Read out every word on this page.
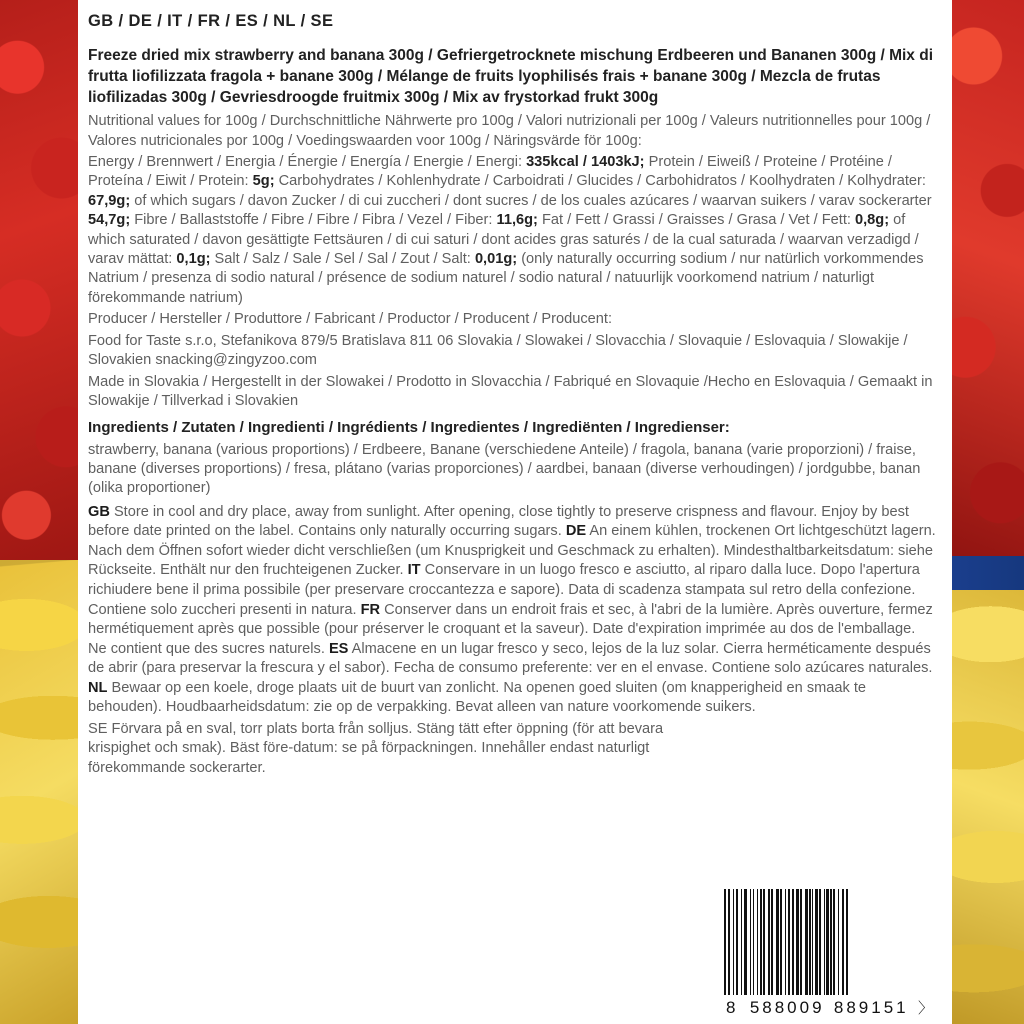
GB / DE / IT / FR / ES / NL / SE
Freeze dried mix strawberry and banana 300g / Gefriergetrocknete mischung Erdbeeren und Bananen 300g / Mix di frutta liofilizzata fragola + banane 300g / Mélange de fruits lyophilisés frais + banane 300g / Mezcla de frutas liofilizadas 300g / Gevriesdroogde fruitmix 300g / Mix av frystorkad frukt 300g
Nutritional values for 100g / Durchschnittliche Nährwerte pro 100g / Valori nutrizionali per 100g / Valeurs nutritionnelles pour 100g / Valores nutricionales por 100g / Voedingswaarden voor 100g / Näringsvärde för 100g:
Energy / Brennwert / Energia / Énergie / Energía / Energie / Energi: 335kcal / 1403kJ; Protein / Eiweiß / Proteine / Protéine / Proteína / Eiwit / Protein: 5g; Carbohydrates / Kohlenhydrate / Carboidrati / Glucides / Carbohidratos / Koolhydraten / Kolhydrater: 67,9g; of which sugars / davon Zucker / di cui zuccheri / dont sucres / de los cuales azúcares / waarvan suikers / varav sockerarter 54,7g; Fibre / Ballaststoffe / Fibre / Fibre / Fibra / Vezel / Fiber: 11,6g; Fat / Fett / Grassi / Graisses / Grasa / Vet / Fett: 0,8g; of which saturated / davon gesättigte Fettsäuren / di cui saturi / dont acides gras saturés / de la cual saturada / waarvan verzadigd / varav mättat: 0,1g; Salt / Salz / Sale / Sel / Sal / Zout / Salt: 0,01g; (only naturally occurring sodium / nur natürlich vorkommendes Natrium / presenza di sodio natural / présence de sodium naturel / sodio natural / natuurlijk voorkomend natrium / naturligt förekommande natrium)
Producer / Hersteller / Produttore / Fabricant / Productor / Producent / Producent:
Food for Taste s.r.o, Stefanikova 879/5 Bratislava 811 06 Slovakia / Slowakei / Slovacchia / Slovaquie / Eslovaquia / Slowakije / Slovakien snacking@zingyzoo.com
Made in Slovakia / Hergestellt in der Slowakei / Prodotto in Slovacchia / Fabriqué en Slovaquie /Hecho en Eslovaquia / Gemaakt in Slowakije / Tillverkad i Slovakien
Ingredients / Zutaten / Ingredienti / Ingrédients / Ingredientes / Ingrediënten / Ingredienser:
strawberry, banana (various proportions) / Erdbeere, Banane (verschiedene Anteile) / fragola, banana (varie proporzioni) / fraise, banane (diverses proportions) / fresa, plátano (varias proporciones) / aardbei, banaan (diverse verhoudingen) / jordgubbe, banan (olika proportioner)
GB Store in cool and dry place, away from sunlight. After opening, close tightly to preserve crispness and flavour. Enjoy by best before date printed on the label. Contains only naturally occurring sugars. DE An einem kühlen, trockenen Ort lichtgeschützt lagern. Nach dem Öffnen sofort wieder dicht verschließen (um Knusprigkeit und Geschmack zu erhalten). Mindesthaltbarkeitsdatum: siehe Rückseite. Enthält nur den fruchteigenen Zucker. IT Conservare in un luogo fresco e asciutto, al riparo dalla luce. Dopo l'apertura richiudere bene il prima possibile (per preservare croccantezza e sapore). Data di scadenza stampata sul retro della confezione. Contiene solo zuccheri presenti in natura. FR Conserver dans un endroit frais et sec, à l'abri de la lumière. Après ouverture, fermez hermétiquement après que possible (pour préserver le croquant et la saveur). Date d'expiration imprimée au dos de l'emballage. Ne contient que des sucres naturels. ES Almacene en un lugar fresco y seco, lejos de la luz solar. Cierra herméticamente después de abrir (para preservar la frescura y el sabor). Fecha de consumo preferente: ver en el envase. Contiene solo azúcares naturales. NL Bewaar op een koele, droge plaats uit de buurt van zonlicht. Na openen goed sluiten (om knapperigheid en smaak te behouden). Houdbaarheidsdatum: zie op de verpakking. Bevat alleen van nature voorkomende suikers.
SE Förvara på en sval, torr plats borta från solljus. Stäng tätt efter öppning (för att bevara krispighet och smak). Bäst före-datum: se på förpackningen. Innehåller endast naturligt förekommande sockerarter.
8 588009 889151 〉
